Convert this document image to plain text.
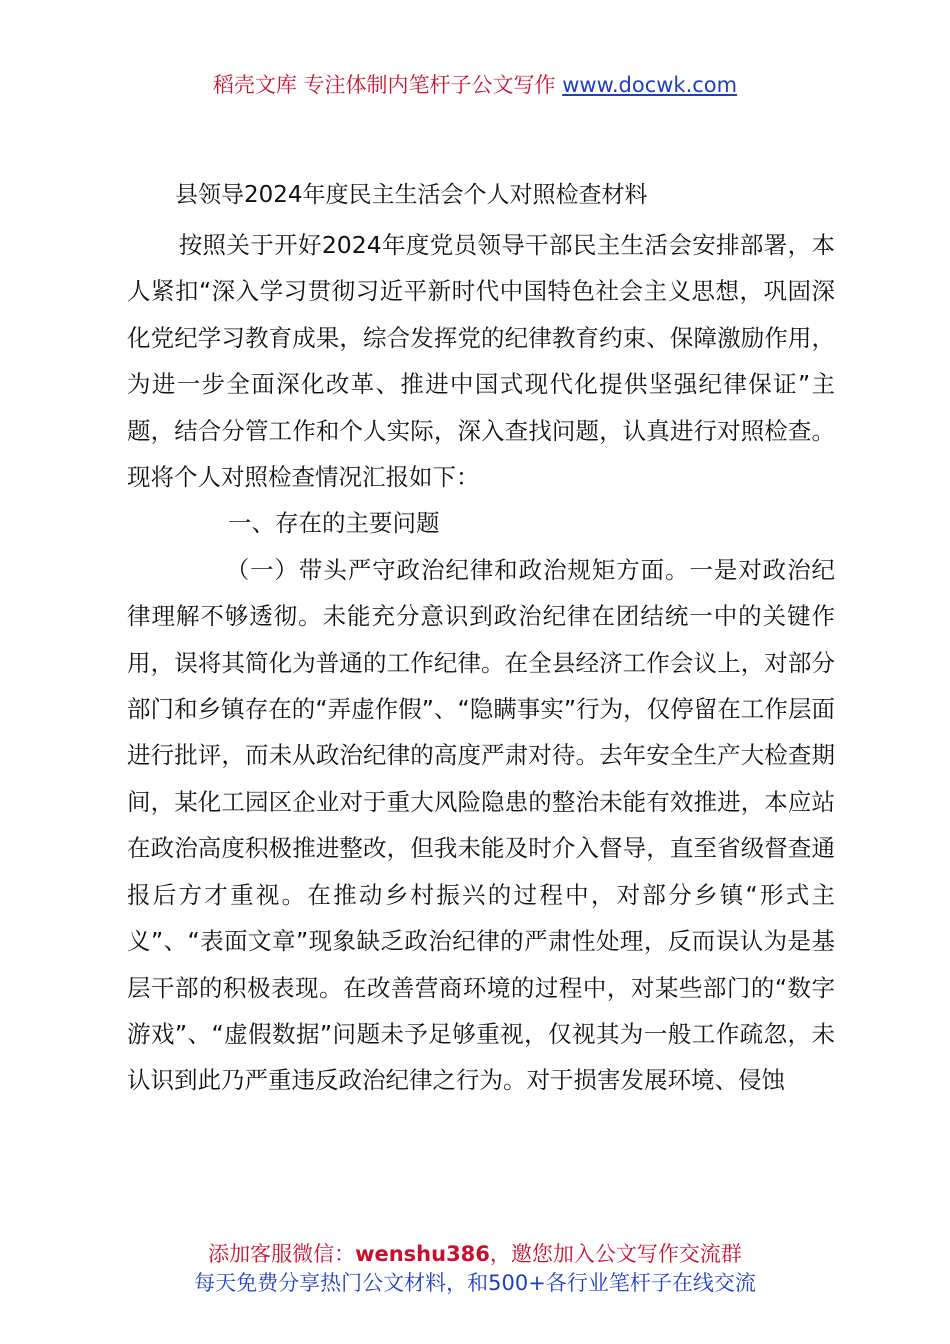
稻壳文库 专注体制内笔杆子公文写作 www.docwk.com
县领导2024年度民主生活会个人对照检查材料

按照关于开好2024年度党员领导干部民主生活会安排部署，本人紧扣“深入学习贯彻习近平新时代中国特色社会主义思想，巩固深化党纪学习教育成果，综合发挥党的纪律教育约束、保障激励作用，为进一步全面深化改革、推进中国式现代化提供坚强纪律保证”主题，结合分管工作和个人实际，深入查找问题，认真进行对照检查。现将个人对照检查情况汇报如下：

一、存在的主要问题

（一）带头严守政治纪律和政治规矩方面。一是对政治纪律理解不够透彻。未能充分意识到政治纪律在团结统一中的关键作用，误将其简化为普通的工作纪律。在全县经济工作会议上，对部分部门和乡镇存在的“弄虚作假”、“隐瞒事实”行为，仅停留在工作层面进行批评，而未从政治纪律的高度严肃对待。去年安全生产大检查期间，某化工园区企业对于重大风险隐患的整治未能有效推进，本应站在政治高度积极推进整改，但我未能及时介入督导，直至省级督查通报后方才重视。在推动乡村振兴的过程中，对部分乡镇“形式主义”、“表面文章”现象缺乏政治纪律的严肃性处理，反而误认为是基层干部的积极表现。在改善营商环境的过程中，对某些部门的“数字游戏”、“虚假数据”问题未予足够重视，仅视其为一般工作疏忽，未认识到此乃严重违反政治纪律之行为。对于损害发展环境、侵蚀

添加客服微信：wenshu386，邀您加入公文写作交流群
每天免费分享热门公文材料，和500+各行业笔杆子在线交流
